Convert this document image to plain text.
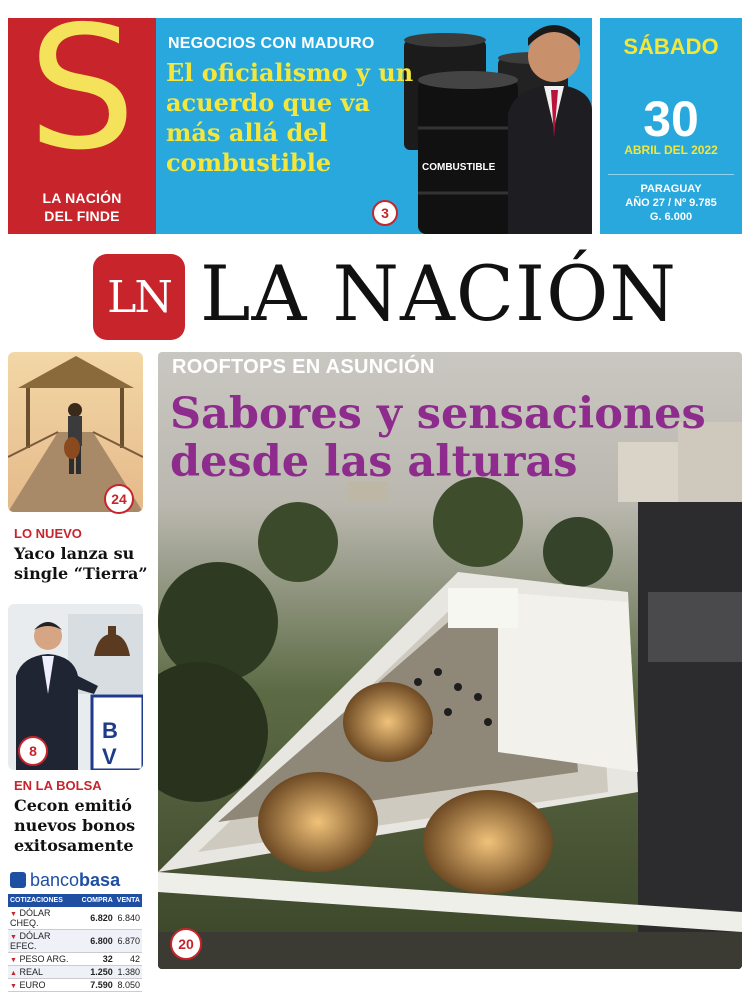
S
LA NACIÓN
DEL FINDE
COMBUSTIBLE
NEGOCIOS CON MADURO
El oficialismo y un acuerdo que va más allá del combustible
3
SÁBADO
30
ABRIL DEL 2022
PARAGUAY
AÑO 27 / Nº 9.785
G. 6.000
LN LA NACIÓN
24
LO NUEVO
Yaco lanza su single “Tierra”
B
V
8
EN LA BOLSA
Cecon emitió nuevos bonos exitosamente
bancobasa
COTIZACIONES	COMPRA	VENTA
▼ DÓLAR CHEQ.	6.820	6.840
▼ DÓLAR EFEC.	6.800	6.870
▼ PESO ARG.	32	42
▲ REAL	1.250	1.380
▼ EURO	7.590	8.050
ROOFTOPS EN ASUNCIÓN
Sabores y sensaciones desde las alturas
20
